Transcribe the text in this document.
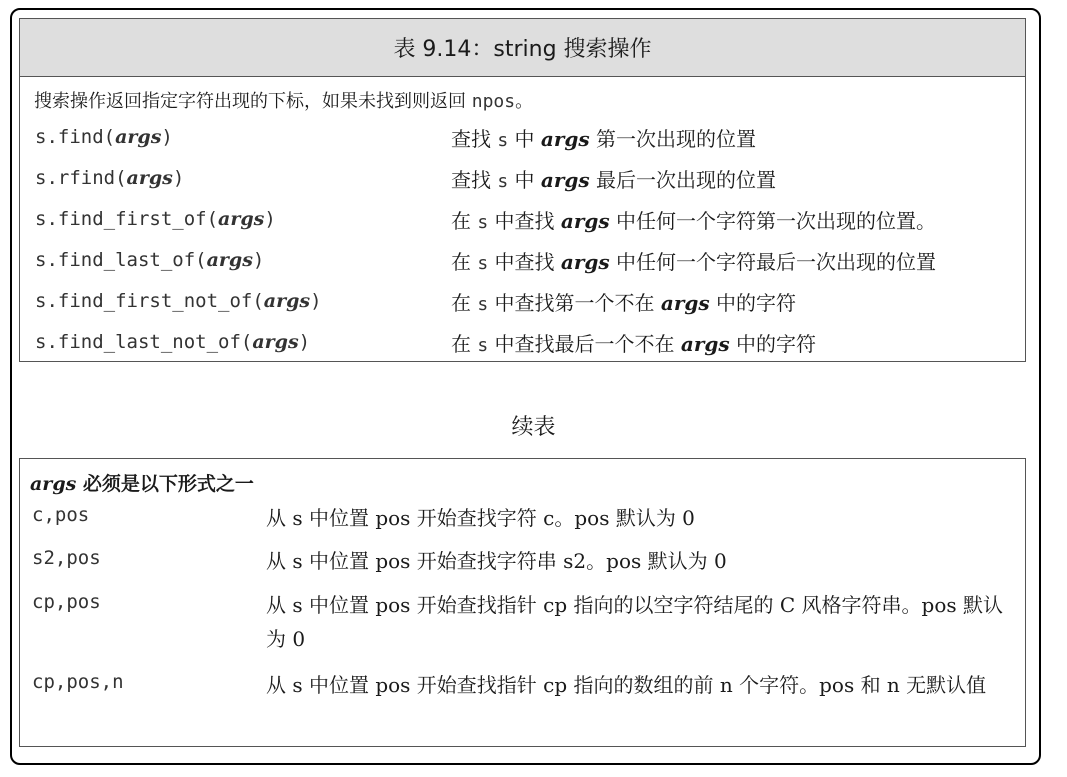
表 9.14：string 搜索操作
搜索操作返回指定字符出现的下标，如果未找到则返回 npos。
s.find(args)	查找 s 中 args 第一次出现的位置
s.rfind(args)	查找 s 中 args 最后一次出现的位置
s.find_first_of(args)	在 s 中查找 args 中任何一个字符第一次出现的位置。
s.find_last_of(args)	在 s 中查找 args 中任何一个字符最后一次出现的位置
s.find_first_not_of(args)	在 s 中查找第一个不在 args 中的字符
s.find_last_not_of(args)	在 s 中查找最后一个不在 args 中的字符
续表
args 必须是以下形式之一
c,pos	从 s 中位置 pos 开始查找字符 c。pos 默认为 0
s2,pos	从 s 中位置 pos 开始查找字符串 s2。pos 默认为 0
cp,pos	从 s 中位置 pos 开始查找指针 cp 指向的以空字符结尾的 C 风格字符串。pos 默认为 0
cp,pos,n	从 s 中位置 pos 开始查找指针 cp 指向的数组的前 n 个字符。pos 和 n 无默认值
